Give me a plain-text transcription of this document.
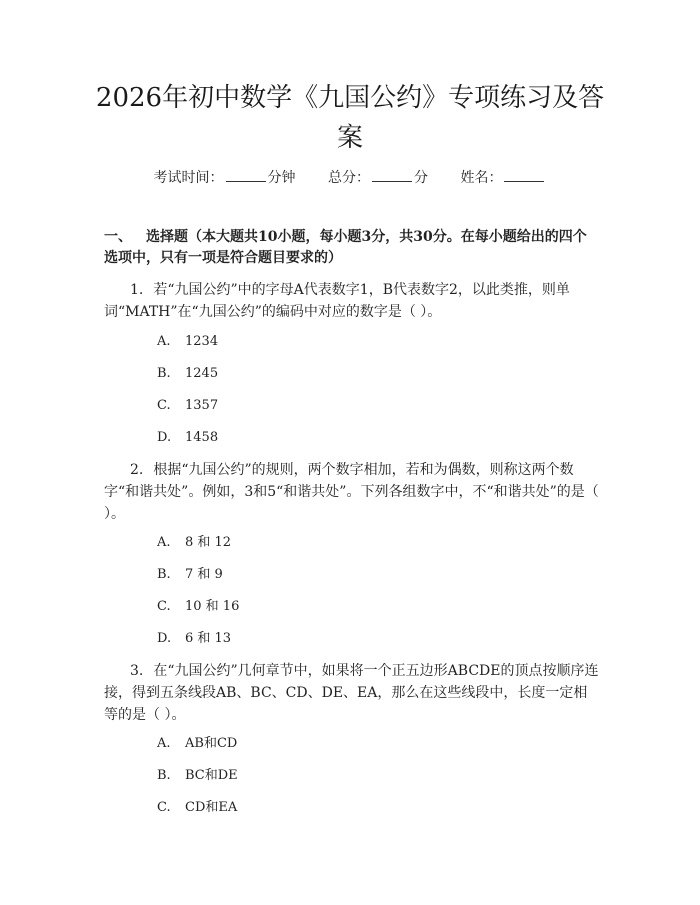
2026年初中数学《九国公约》专项练习及答案
考试时间：	分钟 总分：	分 姓名：

一、 选择题（本大题共10小题，每小题3分，共30分。在每小题给出的四个选项中，只有一项是符合题目要求的）

1. 若“九国公约”中的字母A代表数字1，B代表数字2，以此类推，则单词“MATH”在“九国公约”的编码中对应的数字是（ ）。

A. 1234
B. 1245
C. 1357
D. 1458

2. 根据“九国公约”的规则，两个数字相加，若和为偶数，则称这两个数字“和谐共处”。例如，3和5“和谐共处”。下列各组数字中，不“和谐共处”的是（ ）。

A. 8 和 12
B. 7 和 9
C. 10 和 16
D. 6 和 13

3. 在“九国公约”几何章节中，如果将一个正五边形ABCDE的顶点按顺序连接，得到五条线段AB、BC、CD、DE、EA，那么在这些线段中，长度一定相等的是（ ）。

A. AB和CD
B. BC和DE
C. CD和EA
